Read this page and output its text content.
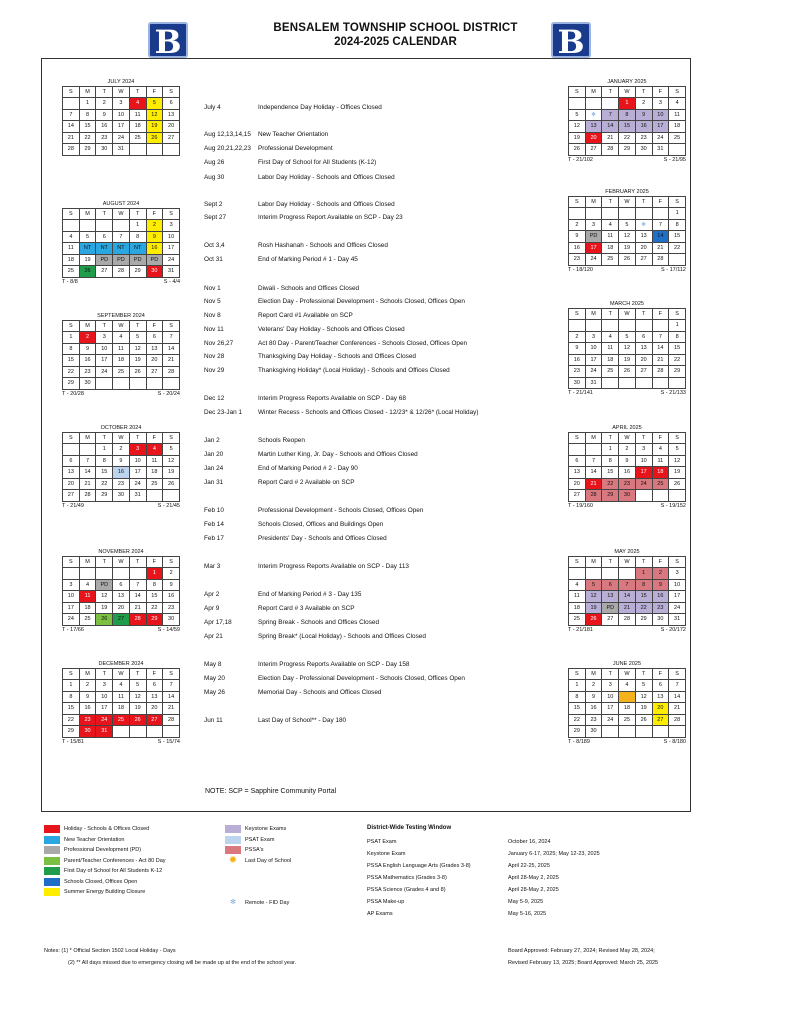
BENSALEM TOWNSHIP SCHOOL DISTRICT
2024-2025 CALENDAR
B	B
JULY 2024
S	M	T	W	T	F	S
	1	2	3	4	5	6
7	8	9	10	11	12	13
14	15	16	17	18	19	20
21	22	23	24	25	26	27
28	29	30	31			
AUGUST 2024
S	M	T	W	T	F	S
				1	2	3
4	5	6	7	8	9	10
11	NT	NT	NT	NT	16	17
18	19	PD	PD	PD	PD	24
25	26	27	28	29	30	31
T - 8/8	S - 4/4
SEPTEMBER 2024
S	M	T	W	T	F	S
1	2	3	4	5	6	7
8	9	10	11	12	13	14
15	16	17	18	19	20	21
22	23	24	25	26	27	28
29	30					
T - 20/28	S - 20/24
OCTOBER 2024
S	M	T	W	T	F	S
		1	2	3	4	5
6	7	8	9	10	11	12
13	14	15	16	17	18	19
20	21	22	23	24	25	26
27	28	29	30	31		
T - 21/49	S - 21/45
NOVEMBER 2024
S	M	T	W	T	F	S
					1	2
3	4	PD	6	7	8	9
10	11	12	13	14	15	16
17	18	19	20	21	22	23
24	25	26	27	28	29	30
T - 17/66	S - 14/59
DECEMBER 2024
S	M	T	W	T	F	S
1	2	3	4	5	6	7
8	9	10	11	12	13	14
15	16	17	18	19	20	21
22	23	24	25	26	27	28
29	30	31				
T - 15/81	S - 15/74
JANUARY 2025
S	M	T	W	T	F	S
			1	2	3	4
5	✻	7	8	9	10	11
12	13	14	15	16	17	18
19	20	21	22	23	24	25
26	27	28	29	30	31	
T - 21/102	S - 21/95
FEBRUARY 2025
S	M	T	W	T	F	S
						1
2	3	4	5	✻	7	8
9	PD	11	12	13	14	15
16	17	18	19	20	21	22
23	24	25	26	27	28	
T - 18/120	S - 17/112
MARCH 2025
S	M	T	W	T	F	S
						1
2	3	4	5	6	7	8
9	10	11	12	13	14	15
16	17	18	19	20	21	22
23	24	25	26	27	28	29
30	31					
T - 21/141	S - 21/133
APRIL 2025
S	M	T	W	T	F	S
		1	2	3	4	5
6	7	8	9	10	11	12
13	14	15	16	17	18	19
20	21	22	23	24	25	26
27	28	29	30			
T - 19/160	S - 19/152
MAY 2025
S	M	T	W	T	F	S
				1	2	3
4	5	6	7	8	9	10
11	12	13	14	15	16	17
18	19	PD	21	22	23	24
25	26	27	28	29	30	31
T - 21/181	S - 20/172
JUNE 2025
S	M	T	W	T	F	S
1	2	3	4	5	6	7
8	9	10	11	12	13	14
15	16	17	18	19	20	21
22	23	24	25	26	27	28
29	30					
T - 8/189	S - 8/180
July 4	Independence Day Holiday - Offices Closed
Aug 12,13,14,15 New Teacher Orientation
Aug 20,21,22,23 Professional Development
Aug 26	First Day of School for All Students (K-12)
Aug 30	Labor Day Holiday - Schools and Offices Closed
Sept 2	Labor Day Holiday - Schools and Offices Closed
Sept 27	Interim Progress Report Available on SCP - Day 23
Oct 3,4	Rosh Hashanah - Schools and Offices Closed
Oct 31	End of Marking Period # 1 - Day 45
Nov 1	Diwali - Schools and Offices Closed
Nov 5	Election Day - Professional Development - Schools Closed, Offices Open
Nov 8	Report Card #1 Available on SCP
Nov 11	Veterans' Day Holiday - Schools and Offices Closed
Nov 26,27	Act 80 Day - Parent/Teacher Conferences - Schools Closed, Offices Open
Nov 28	Thanksgiving Day Holiday - Schools and Offices Closed
Nov 29	Thanksgiving Holiday* (Local Holiday) - Schools and Offices Closed
Dec 12	Interim Progress Reports Available on SCP - Day 68
Dec 23-Jan 1 Winter Recess - Schools and Offices Closed - 12/23* & 12/26* (Local Holiday)
Jan 2	Schools Reopen
Jan 20	Martin Luther King, Jr. Day - Schools and Offices Closed
Jan 24	End of Marking Period # 2 - Day 90
Jan 31	Report Card # 2 Available on SCP
Feb 10	Professional Development - Schools Closed, Offices Open
Feb 14	Schools Closed, Offices and Buildings Open
Feb 17	Presidents' Day - Schools and Offices Closed
Mar 3	Interim Progress Reports Available on SCP - Day 113
Apr 2	End of Marking Period # 3 - Day 135
Apr 9	Report Card # 3 Available on SCP
Apr 17,18	Spring Break - Schools and Offices Closed
Apr 21	Spring Break* (Local Holiday) - Schools and Offices Closed
May 8	Interim Progress Reports Available on SCP - Day 158
May 20	Election Day - Professional Development - Schools Closed, Offices Open
May 26	Memorial Day - Schools and Offices Closed
Jun 11	Last Day of School** - Day 180
NOTE: SCP = Sapphire Community Portal
Holiday - Schools & Offices Closed
New Teacher Orientation
Professional Development (PD)
Parent/Teacher Conferences - Act 80 Day
First Day of School for All Students K-12
Schools Closed, Offices Open
Summer Energy Building Closure
Keystone Exams
PSAT Exam
PSSA's
✹	Last Day of School
✻	Remote - FID Day
District-Wide Testing Window
PSAT Exam	October 16, 2024
Keystone Exam	January 6-17, 2025; May 12-23, 2025
PSSA English Language Arts (Grades 3-8)	April 22-25, 2025
PSSA Mathematics (Grades 3-8)	April 28-May 2, 2025
PSSA Science (Grades 4 and 8)	April 28-May 2, 2025
PSSA Make-up	May 5-9, 2025
AP Exams	May 5-16, 2025
Notes: (1) * Official Section 1502 Local Holiday - Days
(2) ** All days missed due to emergency closing will be made up at the end of the school year.
Board Approved: February 27, 2024; Revised May 28, 2024;
Revised February 13, 2025; Board Approved: March 25, 2025
